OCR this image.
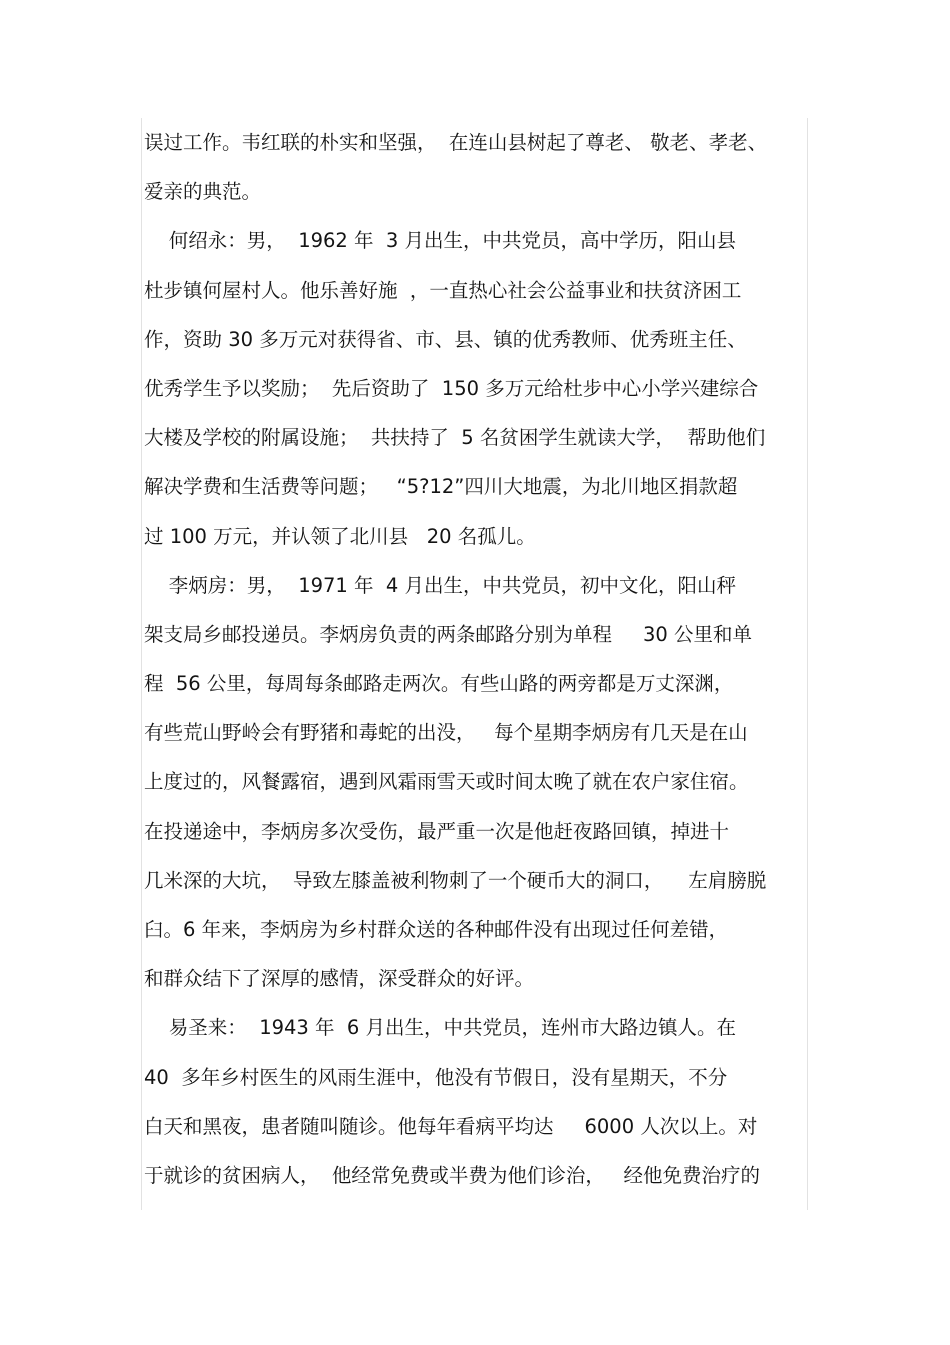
误过工作。韦红联的朴实和坚强，  在连山县树起了尊老、 敬老、孝老、
爱亲的典范。
何绍永：男，  1962 年  3 月出生，中共党员，高中学历，阳山县
杜步镇何屋村人。他乐善好施  ，一直热心社会公益事业和扶贫济困工
作，资助 30 多万元对获得省、市、县、镇的优秀教师、优秀班主任、
优秀学生予以奖励；  先后资助了  150 多万元给杜步中心小学兴建综合
大楼及学校的附属设施；  共扶持了  5 名贫困学生就读大学，  帮助他们
解决学费和生活费等问题；   “5?12”四川大地震，为北川地区捐款超
过 100 万元，并认领了北川县   20 名孤儿。
李炳房：男，  1971 年  4 月出生，中共党员，初中文化，阳山秤
架支局乡邮投递员。李炳房负责的两条邮路分别为单程     30 公里和单
程  56 公里，每周每条邮路走两次。有些山路的两旁都是万丈深渊，
有些荒山野岭会有野猪和毒蛇的出没，   每个星期李炳房有几天是在山
上度过的，风餐露宿，遇到风霜雨雪天或时间太晚了就在农户家住宿。
在投递途中，李炳房多次受伤，最严重一次是他赶夜路回镇，掉进十
几米深的大坑，  导致左膝盖被利物刺了一个硬币大的洞口，    左肩膀脱
臼。6 年来，李炳房为乡村群众送的各种邮件没有出现过任何差错，
和群众结下了深厚的感情，深受群众的好评。
易圣来：  1943 年  6 月出生，中共党员，连州市大路边镇人。在
40  多年乡村医生的风雨生涯中，他没有节假日，没有星期天，不分
白天和黑夜，患者随叫随诊。他每年看病平均达     6000 人次以上。对
于就诊的贫困病人，  他经常免费或半费为他们诊治，   经他免费治疗的
